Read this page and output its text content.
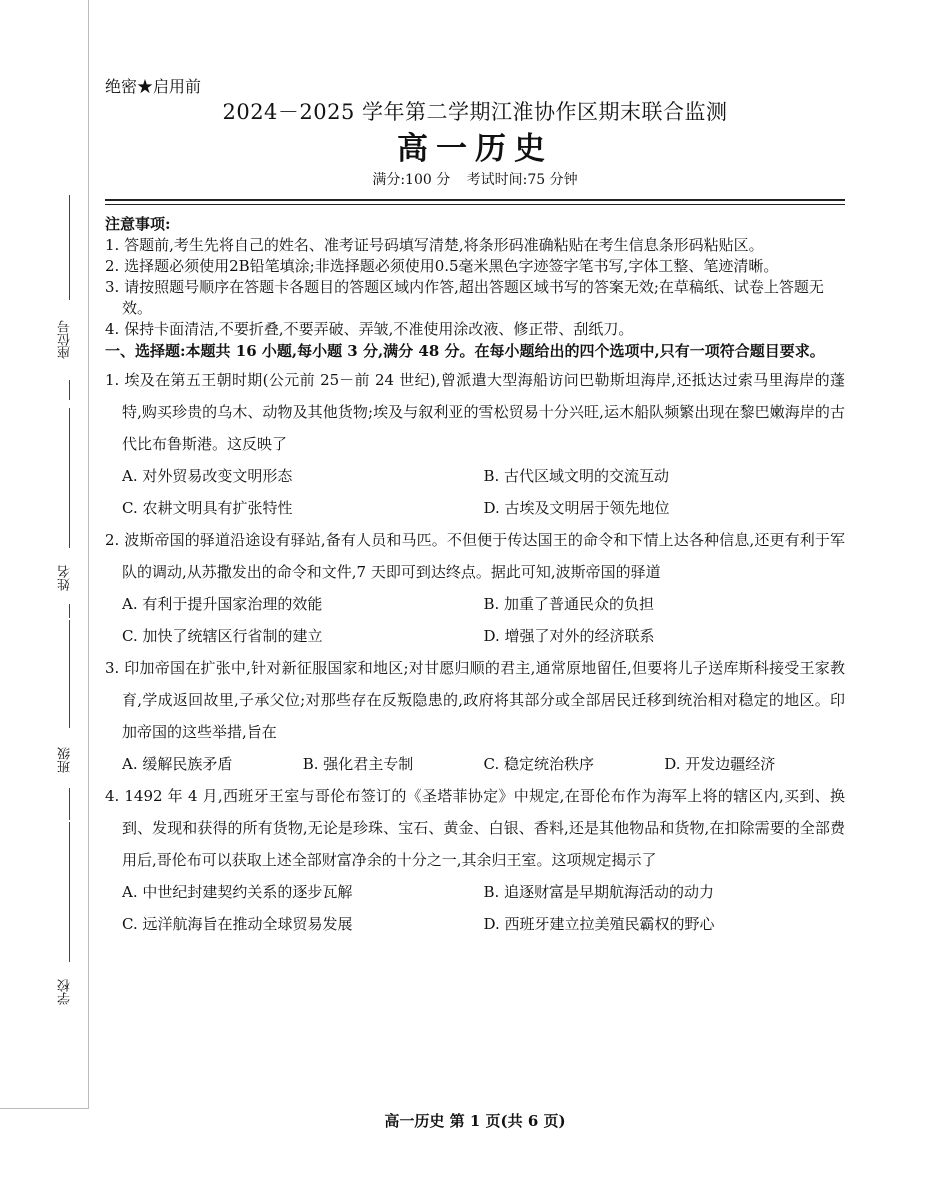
座位号
姓名
班级
学校
绝密★启用前
2024－2025 学年第二学期江淮协作区期末联合监测
高一历史
满分:100 分 考试时间:75 分钟
注意事项:
1. 答题前,考生先将自己的姓名、准考证号码填写清楚,将条形码准确粘贴在考生信息条形码粘贴区。
2. 选择题必须使用2B铅笔填涂;非选择题必须使用0.5毫米黑色字迹签字笔书写,字体工整、笔迹清晰。
3. 请按照题号顺序在答题卡各题目的答题区域内作答,超出答题区域书写的答案无效;在草稿纸、试卷上答题无效。
4. 保持卡面清洁,不要折叠,不要弄破、弄皱,不准使用涂改液、修正带、刮纸刀。
一、选择题:本题共 16 小题,每小题 3 分,满分 48 分。在每小题给出的四个选项中,只有一项符合题目要求。
1. 埃及在第五王朝时期(公元前 25－前 24 世纪),曾派遣大型海船访问巴勒斯坦海岸,还抵达过索马里海岸的蓬特,购买珍贵的乌木、动物及其他货物;埃及与叙利亚的雪松贸易十分兴旺,运木船队频繁出现在黎巴嫩海岸的古代比布鲁斯港。这反映了
A. 对外贸易改变文明形态	B. 古代区域文明的交流互动
C. 农耕文明具有扩张特性	D. 古埃及文明居于领先地位
2. 波斯帝国的驿道沿途设有驿站,备有人员和马匹。不但便于传达国王的命令和下情上达各种信息,还更有利于军队的调动,从苏撒发出的命令和文件,7 天即可到达终点。据此可知,波斯帝国的驿道
A. 有利于提升国家治理的效能	B. 加重了普通民众的负担
C. 加快了统辖区行省制的建立	D. 增强了对外的经济联系
3. 印加帝国在扩张中,针对新征服国家和地区;对甘愿归顺的君主,通常原地留任,但要将儿子送库斯科接受王家教育,学成返回故里,子承父位;对那些存在反叛隐患的,政府将其部分或全部居民迁移到统治相对稳定的地区。印加帝国的这些举措,旨在
A. 缓解民族矛盾	B. 强化君主专制	C. 稳定统治秩序	D. 开发边疆经济
4. 1492 年 4 月,西班牙王室与哥伦布签订的《圣塔菲协定》中规定,在哥伦布作为海军上将的辖区内,买到、换到、发现和获得的所有货物,无论是珍珠、宝石、黄金、白银、香料,还是其他物品和货物,在扣除需要的全部费用后,哥伦布可以获取上述全部财富净余的十分之一,其余归王室。这项规定揭示了
A. 中世纪封建契约关系的逐步瓦解	B. 追逐财富是早期航海活动的动力
C. 远洋航海旨在推动全球贸易发展	D. 西班牙建立拉美殖民霸权的野心
高一历史 第 1 页(共 6 页)
